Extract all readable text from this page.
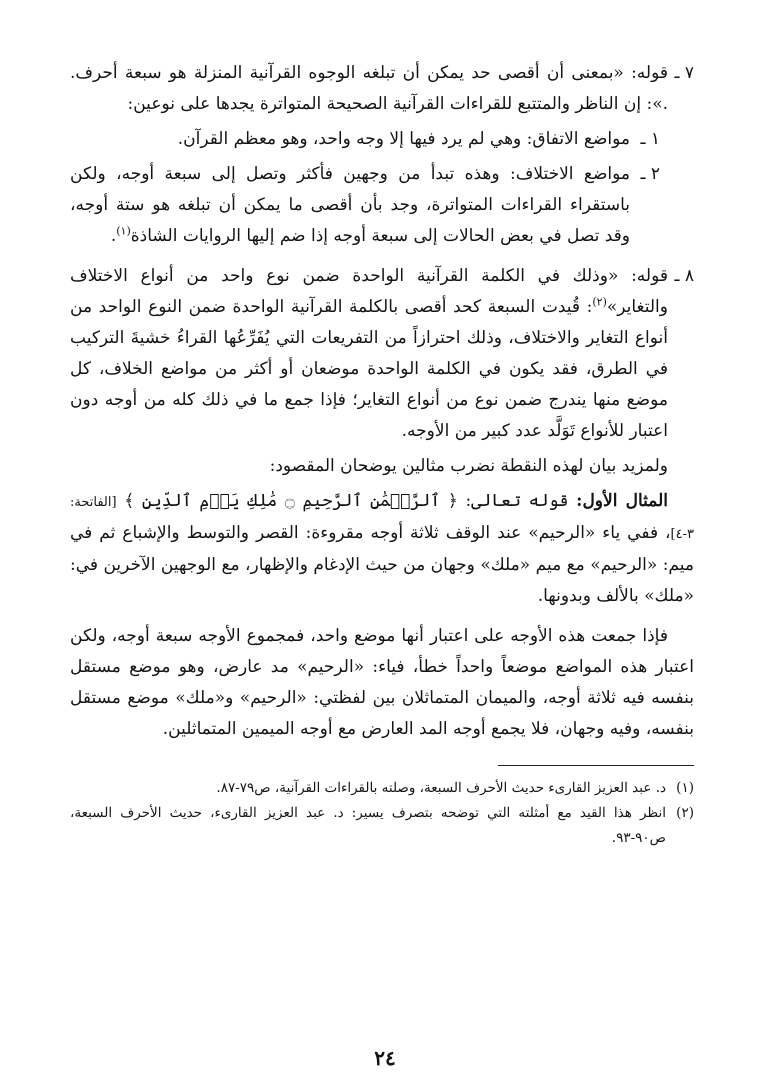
٧ ـ
قوله: «بمعنى أن أقصى حد يمكن أن تبلغه الوجوه القرآنية المنزلة هو سبعة أحرف. .»: إن الناظر والمتتبع للقراءات القرآنية الصحيحة المتواترة يجدها على نوعين:
١ ـ
مواضع الاتفاق: وهي لم يرد فيها إلا وجه واحد، وهو معظم القرآن.
٢ ـ
مواضع الاختلاف: وهذه تبدأ من وجهين فأكثر وتصل إلى سبعة أوجه، ولكن باستقراء القراءات المتواترة، وجد بأن أقصى ما يمكن أن تبلغه هو ستة أوجه، وقد تصل في بعض الحالات إلى سبعة أوجه إذا ضم إليها الروايات الشاذة$^{(١)}$.
٨ ـ
قوله: «وذلك في الكلمة القرآنية الواحدة ضمن نوع واحد من أنواع الاختلاف والتغاير»$^{(٢)}$: قُيدت السبعة كحد أقصى بالكلمة القرآنية الواحدة ضمن النوع الواحد من أنواع التغاير والاختلاف، وذلك احترازاً من التفريعات التي يُفَرِّعُها القراءُ خشيةَ التركيب في الطرق، فقد يكون في الكلمة الواحدة موضعان أو أكثر من مواضع الخلاف، كل موضع منها يندرج ضمن نوع من أنواع التغاير؛ فإذا جمع ما في ذلك كله من أوجه دون اعتبار للأنواع تَوَلَّد عدد كبير من الأوجه.

ولمزيد بيان لهذه النقطة نضرب مثالين يوضحان المقصود:

المثال الأول: قوله تعالى: ﴿ ٱلرَّحۡمَٰنِ ٱلرَّحِيمِ ۝ مَٰلِكِ يَوۡمِ ٱلدِّينِ ﴾ [الفاتحة: ٣-٤]، ففي ياء «الرحيم» عند الوقف ثلاثة أوجه مقروءة: القصر والتوسط والإشباع ثم في ميم: «الرحيم» مع ميم «ملك» وجهان من حيث الإدغام والإظهار، مع الوجهين الآخرين في: «ملك» بالألف وبدونها.

فإذا جمعت هذه الأوجه على اعتبار أنها موضع واحد، فمجموع الأوجه سبعة أوجه، ولكن اعتبار هذه المواضع موضعاً واحداً خطأ، فياء: «الرحيم» مد عارض، وهو موضع مستقل بنفسه فيه ثلاثة أوجه، والميمان المتماثلان بين لفظتي: «الرحيم» و«ملك» موضع مستقل بنفسه، وفيه وجهان، فلا يجمع أوجه المد العارض مع أوجه الميمين المتماثلين.

(١)
د. عبد العزيز القارىء حديث الأحرف السبعة، وصلته بالقراءات القرآنية، ص٧٩-٨٧.
(٢)
انظر هذا القيد مع أمثلته التي توضحه بتصرف يسير: د. عبد العزيز القارىء، حديث الأحرف السبعة، ص٩٠-٩٣.
٢٤
